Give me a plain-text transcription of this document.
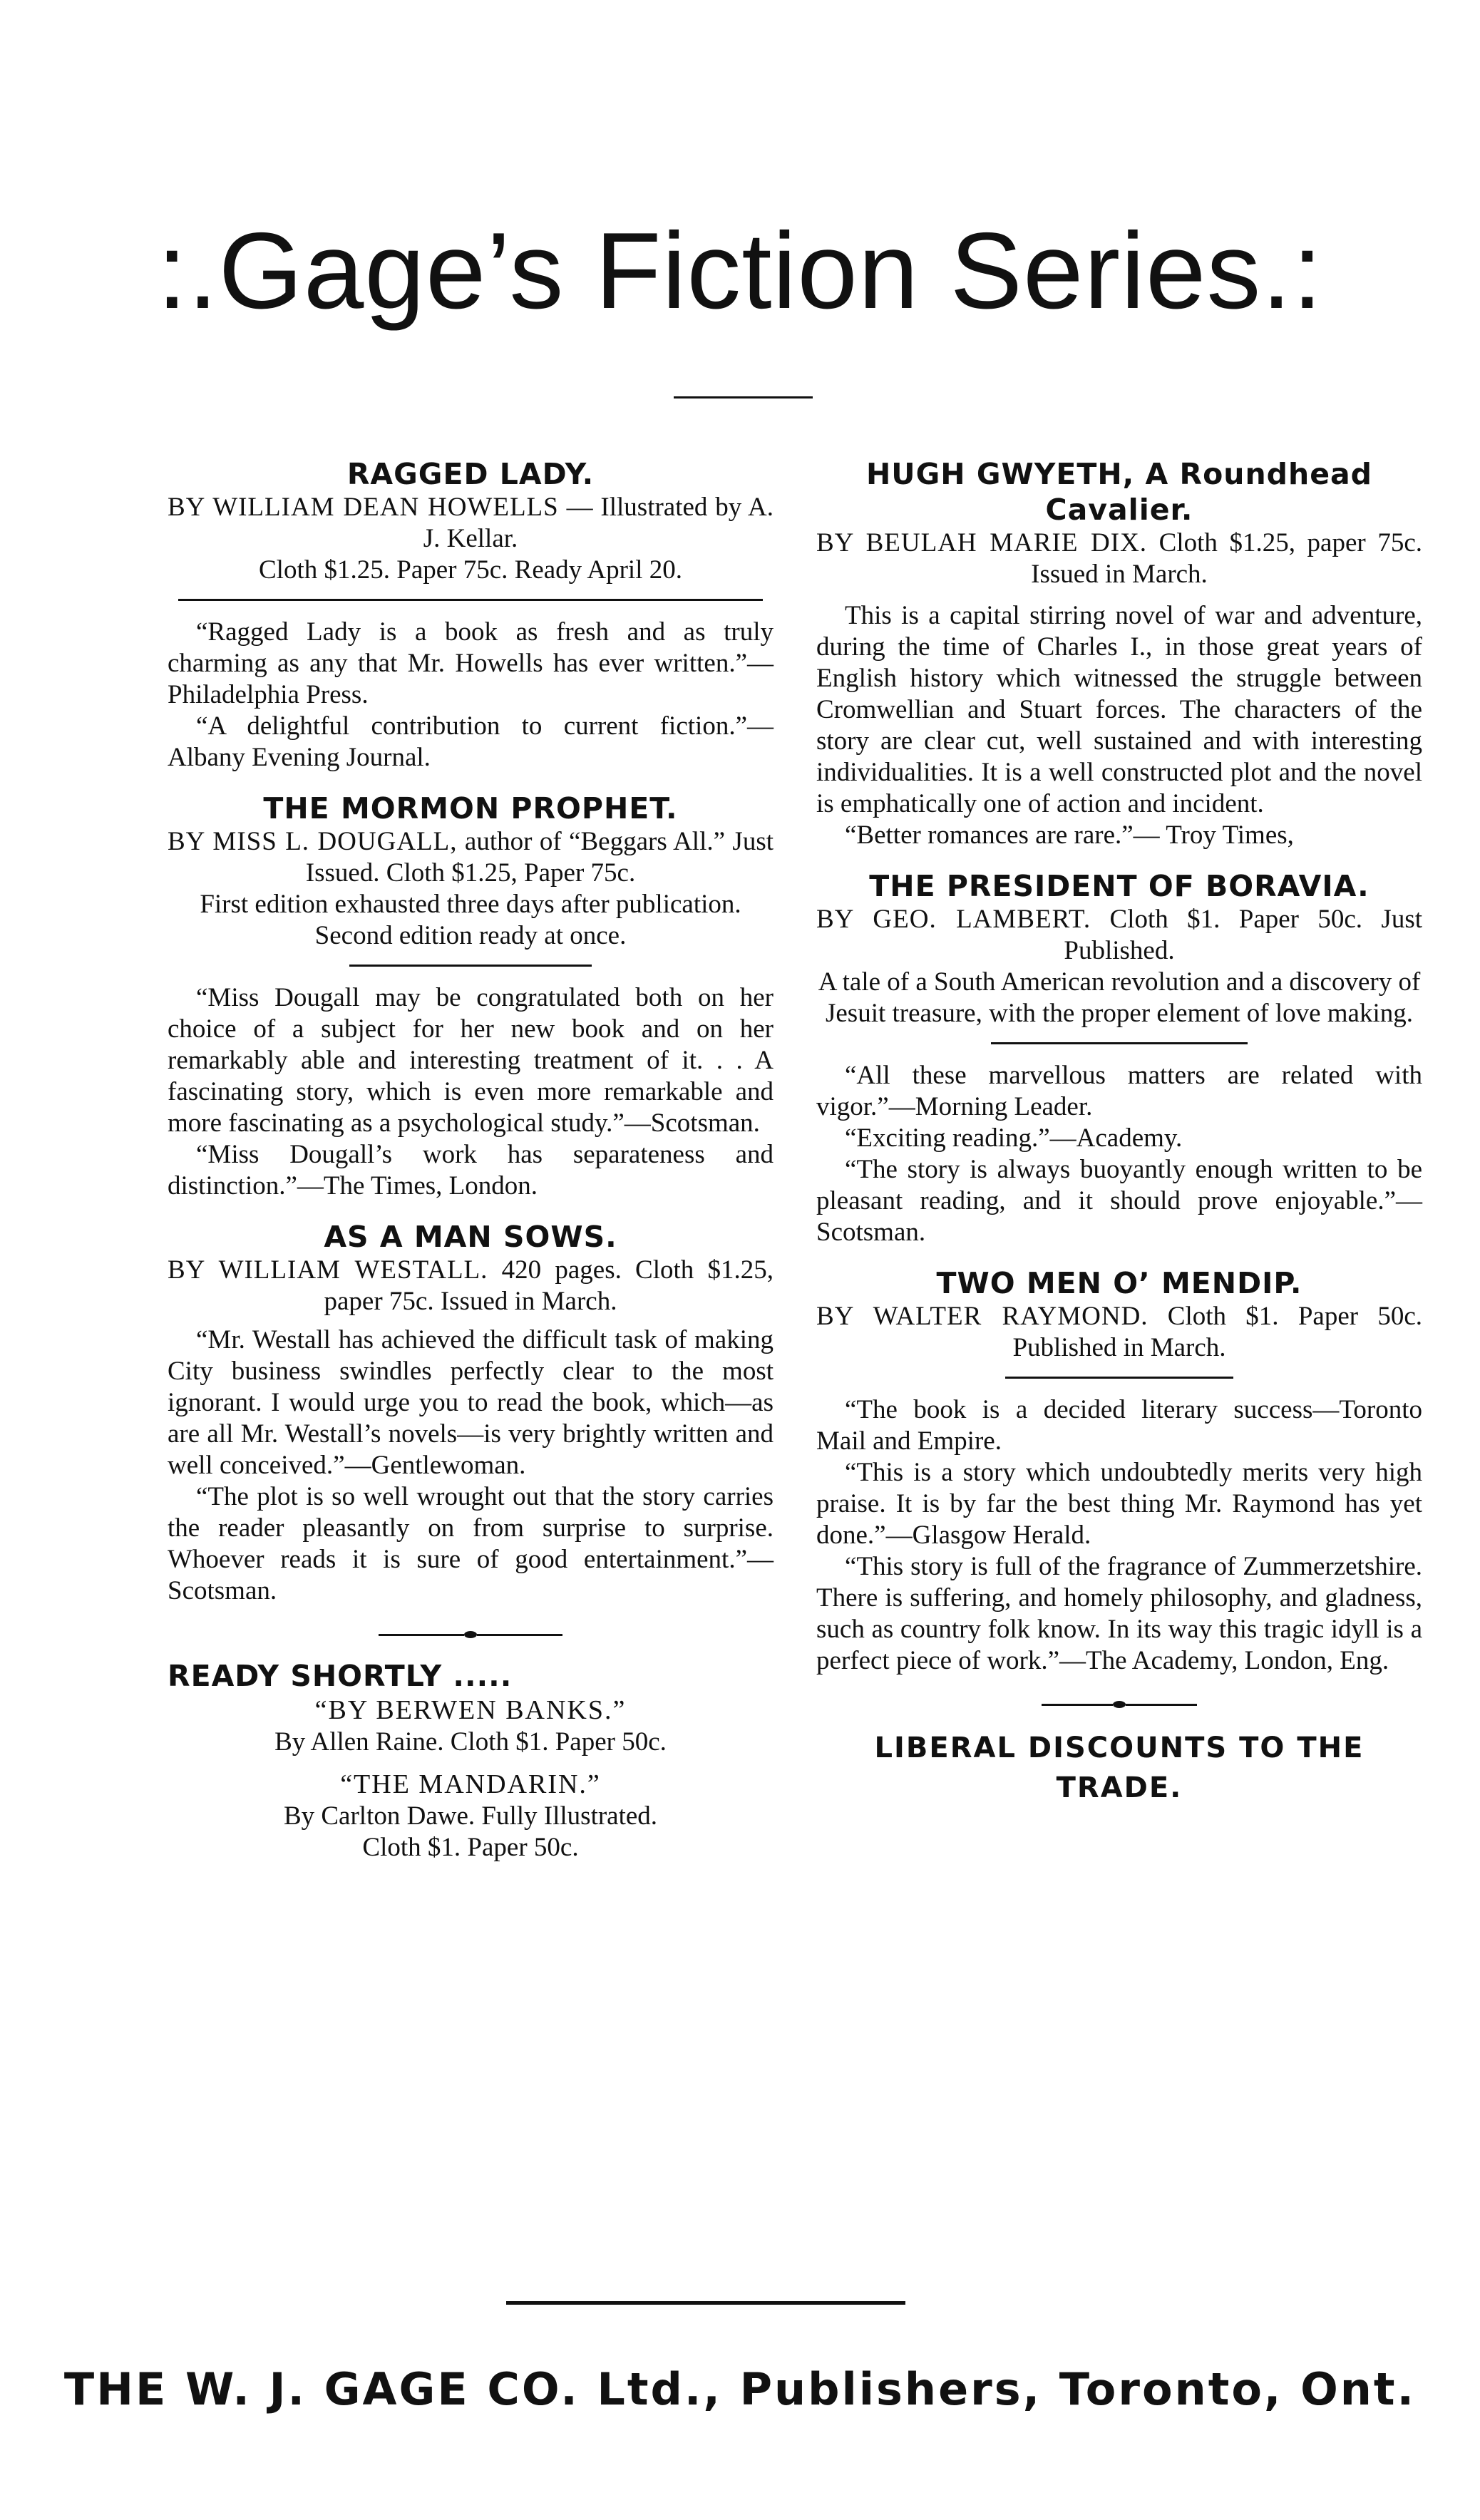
:.Gage’s Fiction Series.:
RAGGED LADY.
BY WILLIAM DEAN HOWELLS — Illustrated by A. J. Kellar.
Cloth $1.25. Paper 75c. Ready April 20.

“Ragged Lady is a book as fresh and as truly charming as any that Mr. Howells has ever written.”—Philadelphia Press.

“A delightful contribution to current fiction.”—Albany Evening Journal.

THE MORMON PROPHET.
BY MISS L. DOUGALL, author of “Beggars All.” Just Issued. Cloth $1.25, Paper 75c.
First edition exhausted three days after publication. Second edition ready at once.

“Miss Dougall may be congratulated both on her choice of a subject for her new book and on her remarkably able and interesting treatment of it. . . A fascinating story, which is even more remarkable and more fascinating as a psychological study.”—Scotsman.

“Miss Dougall’s work has separateness and distinction.”—The Times, London.

AS A MAN SOWS.
BY WILLIAM WESTALL. 420 pages. Cloth $1.25, paper 75c. Issued in March.

“Mr. Westall has achieved the difficult task of making City business swindles perfectly clear to the most ignorant. I would urge you to read the book, which—as are all Mr. Westall’s novels—is very brightly written and well conceived.”—Gentlewoman.

“The plot is so well wrought out that the story carries the reader pleasantly on from surprise to surprise. Whoever reads it is sure of good entertainment.”—Scotsman.

READY SHORTLY .....
“BY BERWEN BANKS.”
By Allen Raine. Cloth $1. Paper 50c.
“THE MANDARIN.”
By Carlton Dawe. Fully Illustrated.
Cloth $1. Paper 50c.
HUGH GWYETH, A Roundhead Cavalier.
BY BEULAH MARIE DIX. Cloth $1.25, paper 75c. Issued in March.

This is a capital stirring novel of war and adventure, during the time of Charles I., in those great years of English history which witnessed the struggle between Cromwellian and Stuart forces. The characters of the story are clear cut, well sustained and with interesting individualities. It is a well constructed plot and the novel is emphatically one of action and incident.

“Better romances are rare.”— Troy Times,

THE PRESIDENT OF BORAVIA.
BY GEO. LAMBERT. Cloth $1. Paper 50c. Just Published.
A tale of a South American revolution and a discovery of Jesuit treasure, with the proper element of love making.

“All these marvellous matters are related with vigor.”—Morning Leader.

“Exciting reading.”—Academy.

“The story is always buoyantly enough written to be pleasant reading, and it should prove enjoyable.”—Scotsman.

TWO MEN O’ MENDIP.
BY WALTER RAYMOND. Cloth $1. Paper 50c. Published in March.

“The book is a decided literary success—Toronto Mail and Empire.

“This is a story which undoubtedly merits very high praise. It is by far the best thing Mr. Raymond has yet done.”—Glasgow Herald.

“This story is full of the fragrance of Zummerzetshire. There is suffering, and homely philosophy, and gladness, such as country folk know. In its way this tragic idyll is a perfect piece of work.”—The Academy, London, Eng.

LIBERAL DISCOUNTS TO THE TRADE.
THE W. J. GAGE CO. Ltd., Publishers, Toronto, Ont.
